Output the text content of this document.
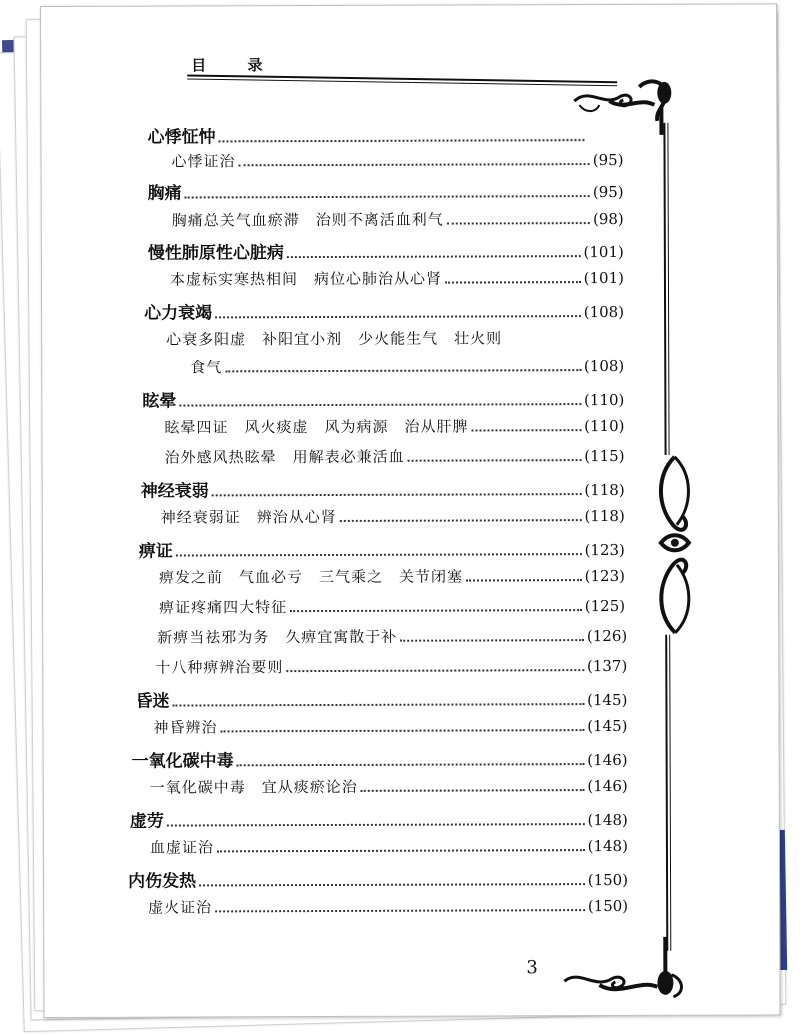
目 录
3
心悸怔忡
心悸证治	(95)
胸痛	(95)
胸痛总关气血瘀滞　治则不离活血利气	(98)
慢性肺原性心脏病	(101)
本虚标实寒热相间　病位心肺治从心肾	(101)
心力衰竭	(108)
心衰多阳虚　补阳宜小剂　少火能生气　壮火则
食气	(108)
眩晕	(110)
眩晕四证　风火痰虚　风为病源　治从肝脾	(110)
治外感风热眩晕　用解表必兼活血	(115)
神经衰弱	(118)
神经衰弱证　辨治从心肾	(118)
痹证	(123)
痹发之前　气血必亏　三气乘之　关节闭塞	(123)
痹证疼痛四大特征	(125)
新痹当祛邪为务　久痹宜寓散于补	(126)
十八种痹辨治要则	(137)
昏迷	(145)
神昏辨治	(145)
一氧化碳中毒	(146)
一氧化碳中毒　宜从痰瘀论治	(146)
虚劳	(148)
血虚证治	(148)
内伤发热	(150)
虚火证治	(150)
